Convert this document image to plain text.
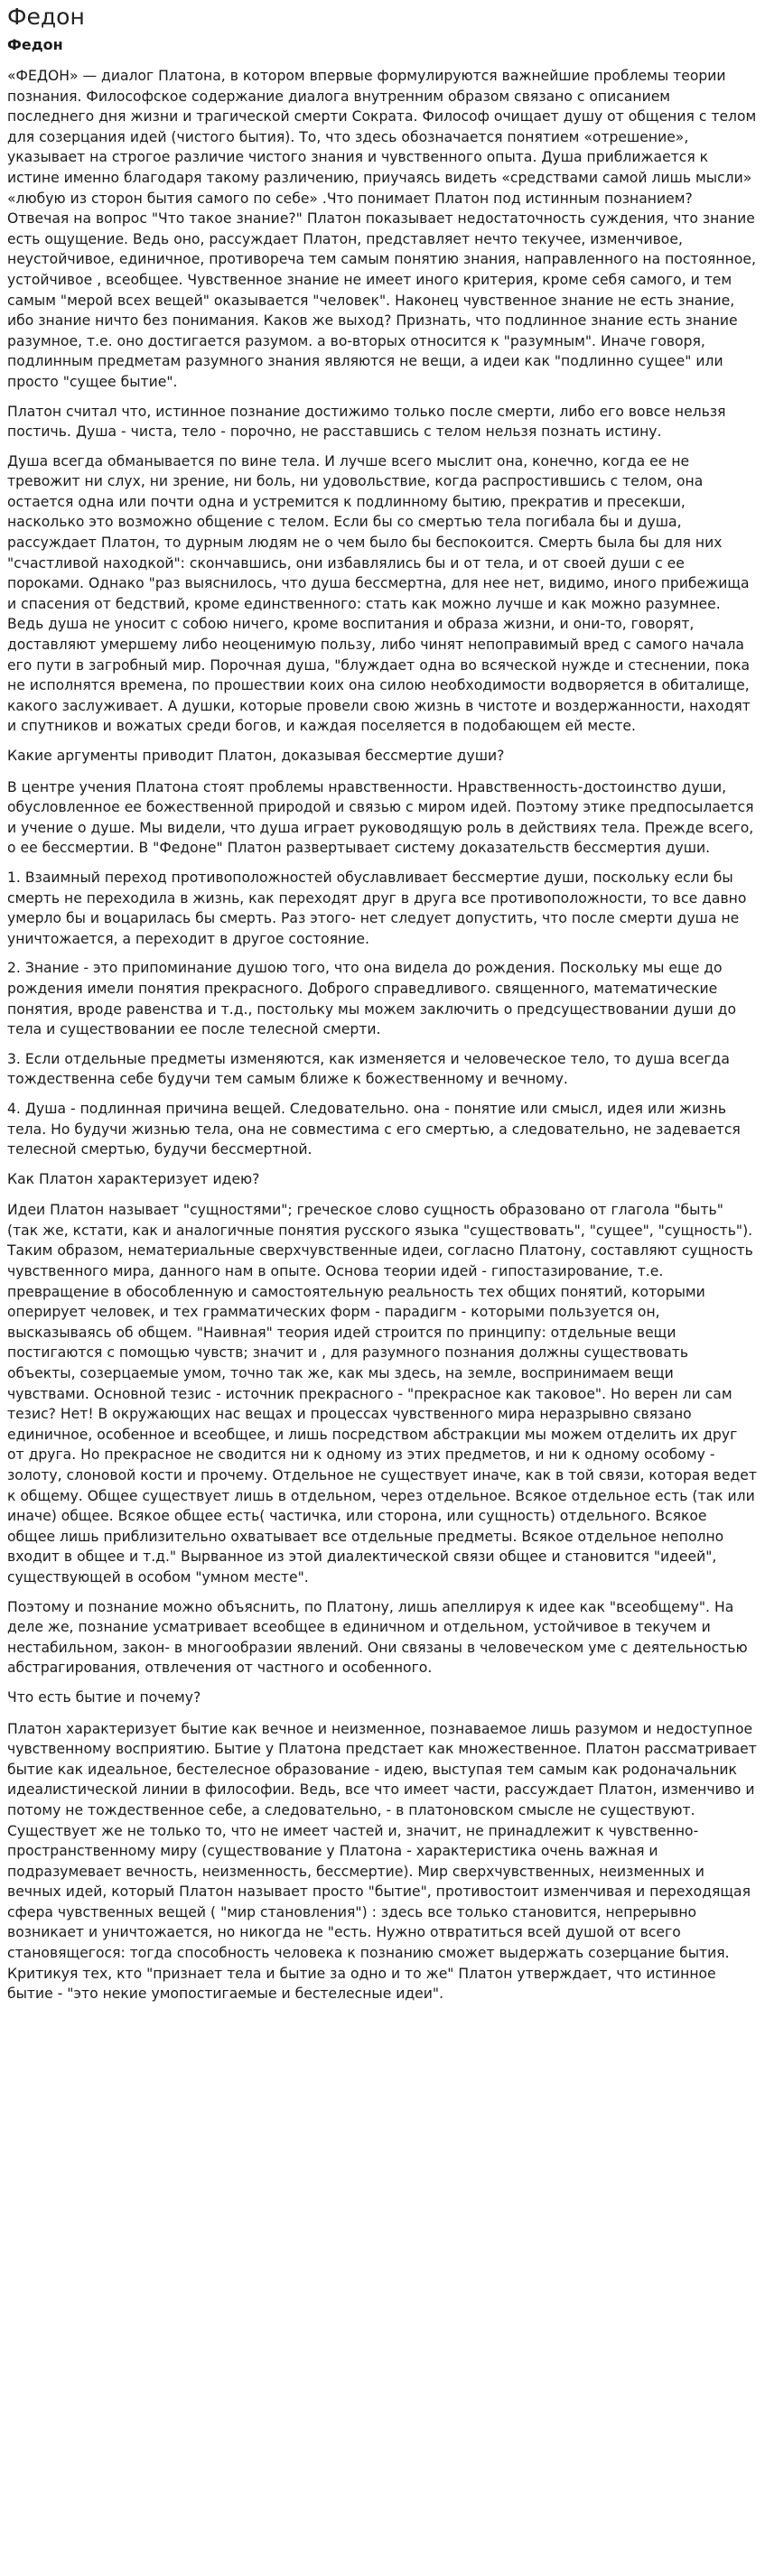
Федон
Федон

«ФЕДОН» — диалог Платона, в котором впервые формулируются важнейшие проблемы теории познания. Философское содержание диалога внутренним образом связано с описанием последнего дня жизни и трагической смерти Сократа. Философ очищает душу от общения с телом для созерцания идей (чистого бытия). То, что здесь обозначается понятием «отрешение», указывает на строгое различие чистого знания и чувственного опыта. Душа приближается к истине именно благодаря такому различению, приучаясь видеть «средствами самой лишь мысли» «любую из сторон бытия самого по себе» .Что понимает Платон под истинным познанием? Отвечая на вопрос "Что такое знание?" Платон показывает недостаточность суждения, что знание есть ощущение. Ведь оно, рассуждает Платон, представляет нечто текучее, изменчивое, неустойчивое, единичное, противореча тем самым понятию знания, направленного на постоянное, устойчивое , всеобщее. Чувственное знание не имеет иного критерия, кроме себя самого, и тем самым "мерой всех вещей" оказывается "человек". Наконец чувственное знание не есть знание, ибо знание ничто без понимания. Каков же выход? Признать, что подлинное знание есть знание разумное, т.е. оно достигается разумом. а во-вторых относится к "разумным". Иначе говоря, подлинным предметам разумного знания являются не вещи, а идеи как "подлинно сущее" или просто "сущее бытие".

Платон считал что, истинное познание достижимо только после смерти, либо его вовсе нельзя постичь. Душа - чиста, тело - порочно, не расставшись с телом нельзя познать истину.

Душа всегда обманывается по вине тела. И лучше всего мыслит она, конечно, когда ее не тревожит ни слух, ни зрение, ни боль, ни удовольствие, когда распростившись с телом, она остается одна или почти одна и устремится к подлинному бытию, прекратив и пресекши, насколько это возможно общение с телом. Если бы со смертью тела погибала бы и душа, рассуждает Платон, то дурным людям не о чем было бы беспокоится. Смерть была бы для них "счастливой находкой": скончавшись, они избавлялись бы и от тела, и от своей души с ее пороками. Однако "раз выяснилось, что душа бессмертна, для нее нет, видимо, иного прибежища и спасения от бедствий, кроме единственного: стать как можно лучше и как можно разумнее. Ведь душа не уносит с собою ничего, кроме воспитания и образа жизни, и они-то, говорят, доставляют умершему либо неоценимую пользу, либо чинят непоправимый вред с самого начала его пути в загробный мир. Порочная душа, "блуждает одна во всяческой нужде и стеснении, пока не исполнятся времена, по прошествии коих она силою необходимости водворяется в обиталище, какого заслуживает. А душки, которые провели свою жизнь в чистоте и воздержанности, находят и спутников и вожатых среди богов, и каждая поселяется в подобающем ей месте.

Какие аргументы приводит Платон, доказывая бессмертие души?

В центре учения Платона стоят проблемы нравственности. Нравственность-достоинство души, обусловленное ее божественной природой и связью с миром идей. Поэтому этике предпосылается и учение о душе. Мы видели, что душа играет руководящую роль в действиях тела. Прежде всего, о ее бессмертии. В "Федоне" Платон развертывает систему доказательств бессмертия души.

1. Взаимный переход противоположностей обуславливает бессмертие души, поскольку если бы смерть не переходила в жизнь, как переходят друг в друга все противоположности, то все давно умерло бы и воцарилась бы смерть. Раз этого- нет следует допустить, что после смерти душа не уничтожается, а переходит в другое состояние.

2. Знание - это припоминание душою того, что она видела до рождения. Поскольку мы еще до рождения имели понятия прекрасного. Доброго справедливого. священного, математические понятия, вроде равенства и т.д., постольку мы можем заключить о предсуществовании души до тела и существовании ее после телесной смерти.

3. Если отдельные предметы изменяются, как изменяется и человеческое тело, то душа всегда тождественна себе будучи тем самым ближе к божественному и вечному.

4. Душа - подлинная причина вещей. Следовательно. она - понятие или смысл, идея или жизнь тела. Но будучи жизнью тела, она не совместима с его смертью, а следовательно, не задевается телесной смертью, будучи бессмертной.

Как Платон характеризует идею?

Идеи Платон называет "сущностями"; греческое слово сущность образовано от глагола "быть" (так же, кстати, как и аналогичные понятия русского языка "существовать", "сущее", "сущность"). Таким образом, нематериальные сверхчувственные идеи, согласно Платону, составляют сущность чувственного мира, данного нам в опыте. Основа теории идей - гипостазирование, т.е. превращение в обособленную и самостоятельную реальность тех общих понятий, которыми оперирует человек, и тех грамматических форм - парадигм - которыми пользуется он, высказываясь об общем. "Наивная" теория идей строится по принципу: отдельные вещи постигаются с помощью чувств; значит и , для разумного познания должны существовать объекты, созерцаемые умом, точно так же, как мы здесь, на земле, воспринимаем вещи чувствами. Основной тезис - источник прекрасного - "прекрасное как таковое". Но верен ли сам тезис? Нет! В окружающих нас вещах и процессах чувственного мира неразрывно связано единичное, особенное и всеобщее, и лишь посредством абстракции мы можем отделить их друг от друга. Но прекрасное не сводится ни к одному из этих предметов, и ни к одному особому - золоту, слоновой кости и прочему. Отдельное не существует иначе, как в той связи, которая ведет к общему. Общее существует лишь в отдельном, через отдельное. Всякое отдельное есть (так или иначе) общее. Всякое общее есть( частичка, или сторона, или сущность) отдельного. Всякое общее лишь приблизительно охватывает все отдельные предметы. Всякое отдельное неполно входит в общее и т.д." Вырванное из этой диалектической связи общее и становится "идеей", существующей в особом "умном месте".

Поэтому и познание можно объяснить, по Платону, лишь апеллируя к идее как "всеобщему". На деле же, познание усматривает всеобщее в единичном и отдельном, устойчивое в текучем и нестабильном, закон- в многообразии явлений. Они связаны в человеческом уме с деятельностью абстрагирования, отвлечения от частного и особенного.

Что есть бытие и почему?

Платон характеризует бытие как вечное и неизменное, познаваемое лишь разумом и недоступное чувственному восприятию. Бытие у Платона предстает как множественное. Платон рассматривает бытие как идеальное, бестелесное образование - идею, выступая тем самым как родоначальник идеалистической линии в философии. Ведь, все что имеет части, рассуждает Платон, изменчиво и потому не тождественное себе, а следовательно, - в платоновском смысле не существуют. Существует же не только то, что не имеет частей и, значит, не принадлежит к чувственно-пространственному миру (существование у Платона - характеристика очень важная и подразумевает вечность, неизменность, бессмертие). Мир сверхчувственных, неизменных и вечных идей, который Платон называет просто "бытие", противостоит изменчивая и переходящая сфера чувственных вещей ( "мир становления") : здесь все только становится, непрерывно возникает и уничтожается, но никогда не "есть. Нужно отвратиться всей душой от всего становящегося: тогда способность человека к познанию сможет выдержать созерцание бытия. Критикуя тех, кто "признает тела и бытие за одно и то же" Платон утверждает, что истинное бытие - "это некие умопостигаемые и бестелесные идеи".
